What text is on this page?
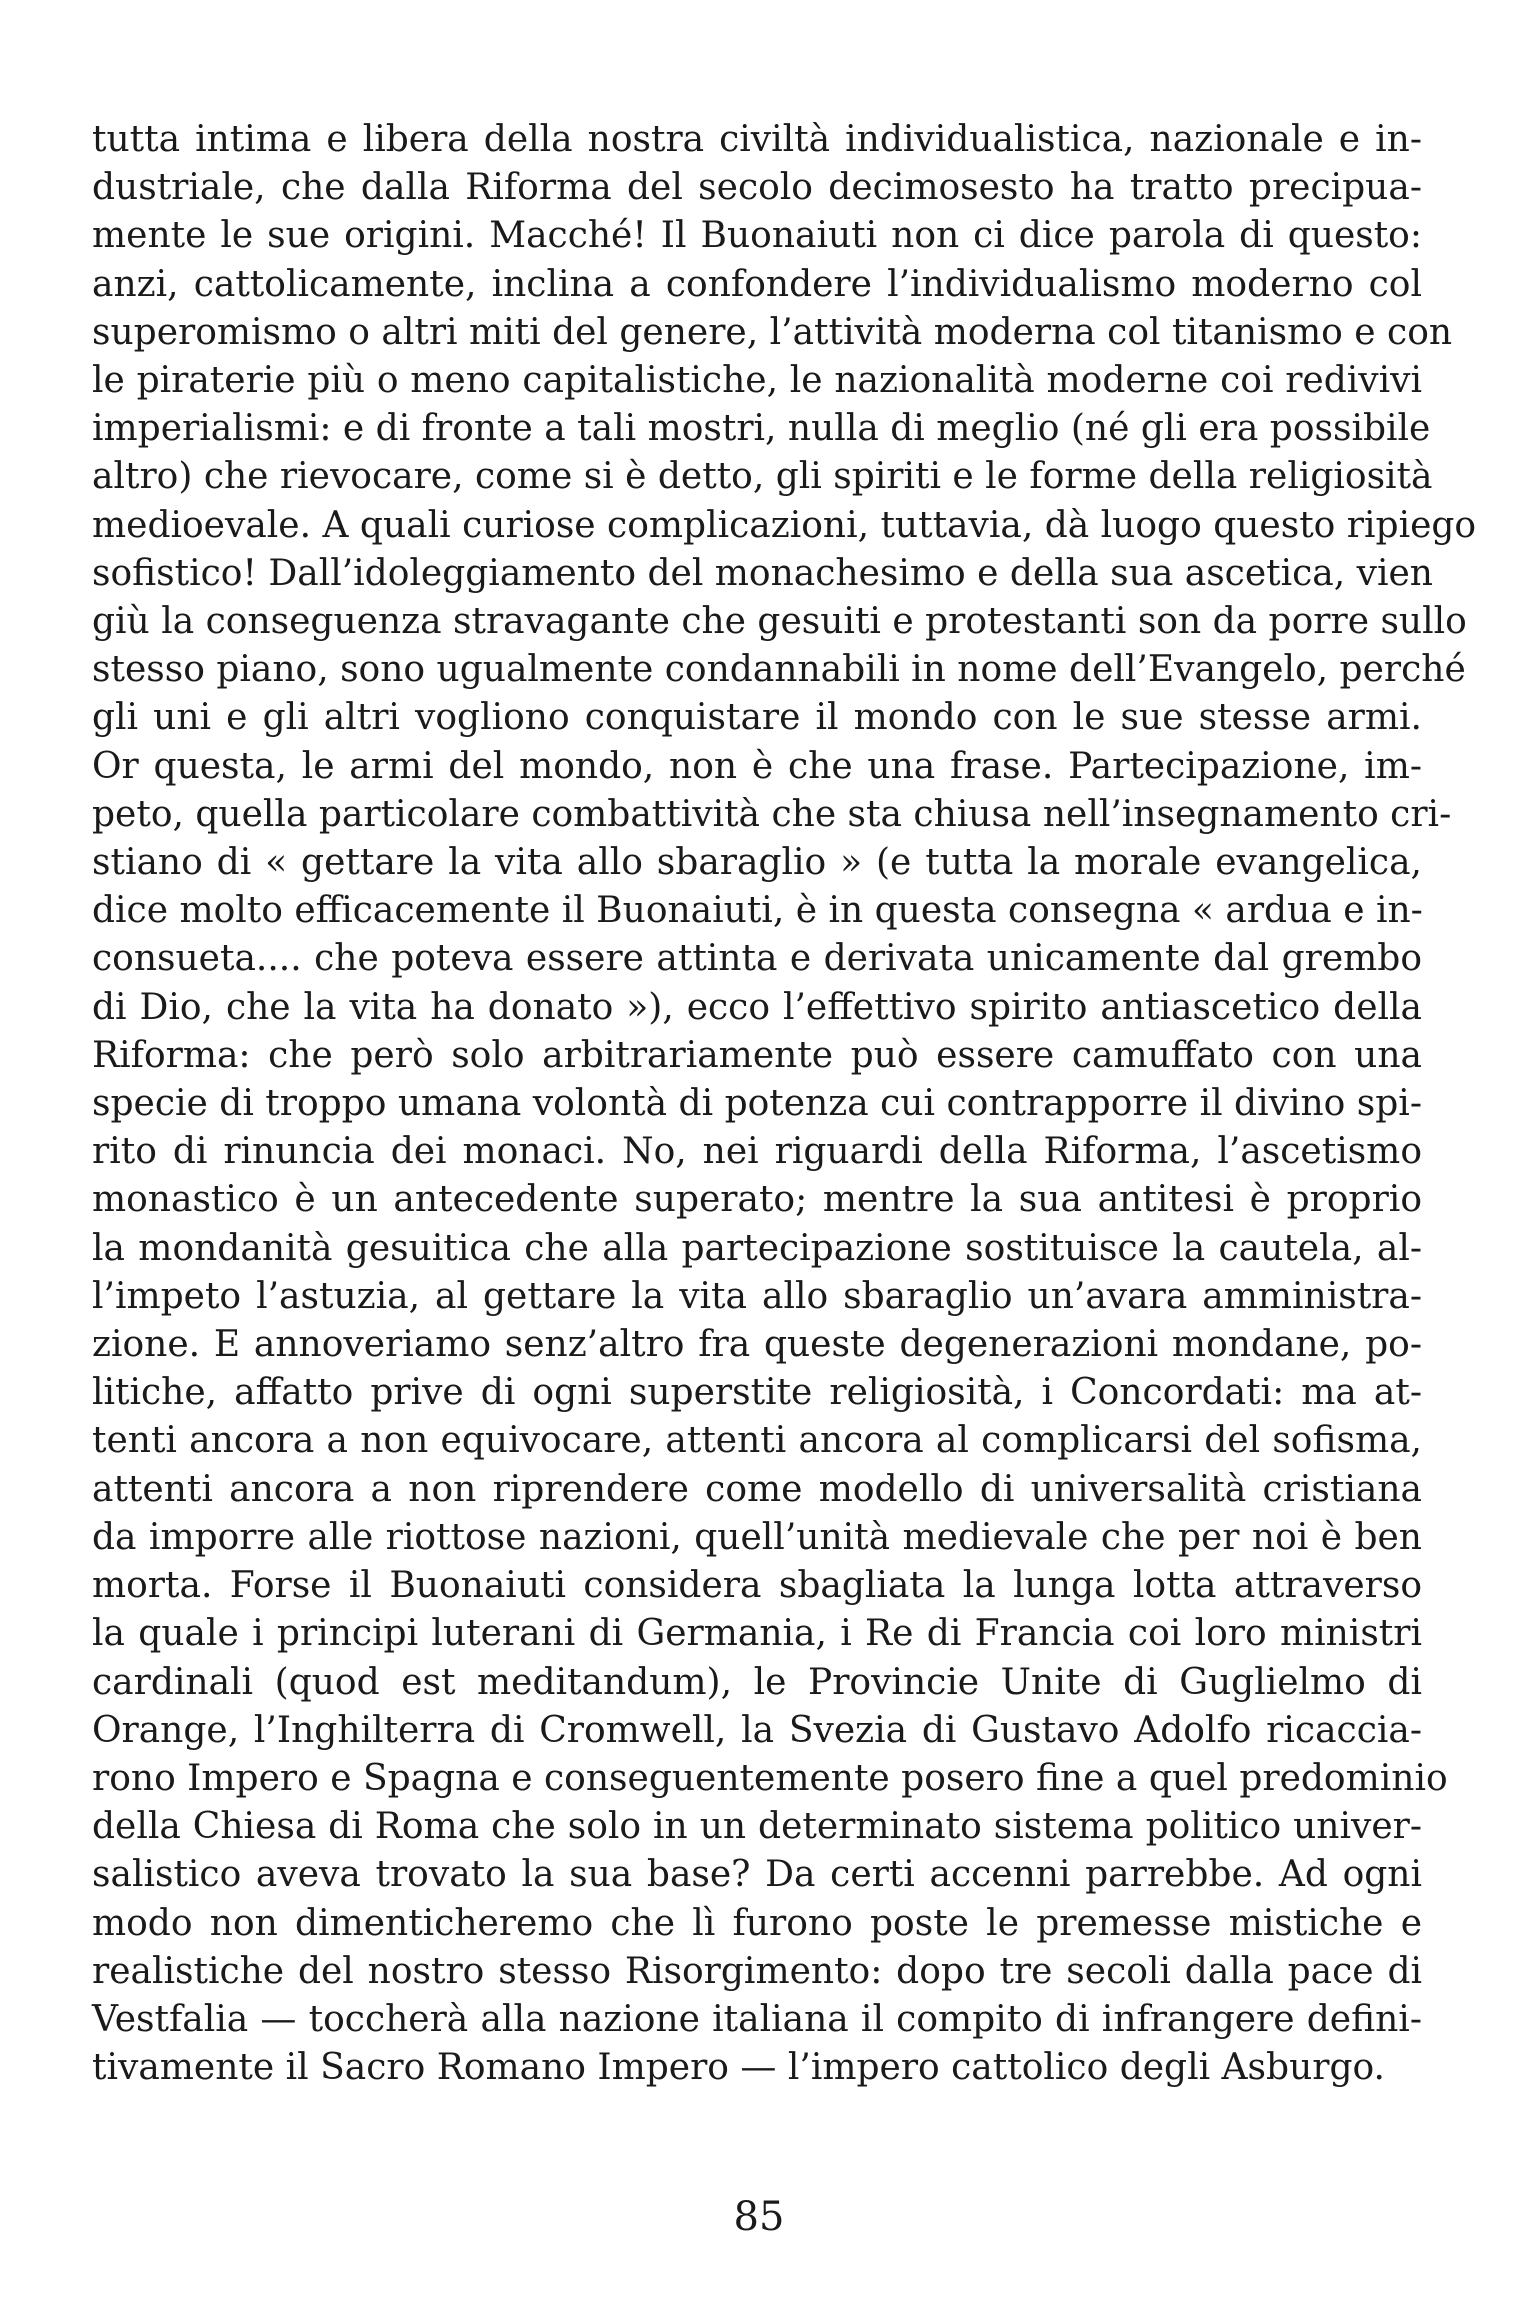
tutta intima e libera della nostra civiltà individualistica, nazionale e in-
dustriale, che dalla Riforma del secolo decimosesto ha tratto precipua-
mente le sue origini. Macché! Il Buonaiuti non ci dice parola di questo:
anzi, cattolicamente, inclina a confondere l’individualismo moderno col
superomismo o altri miti del genere, l’attività moderna col titanismo e con
le piraterie più o meno capitalistiche, le nazionalità moderne coi redivivi
imperialismi: e di fronte a tali mostri, nulla di meglio (né gli era possibile
altro) che rievocare, come si è detto, gli spiriti e le forme della religiosità
medioevale. A quali curiose complicazioni, tuttavia, dà luogo questo ripiego
sofistico! Dall’idoleggiamento del monachesimo e della sua ascetica, vien
giù la conseguenza stravagante che gesuiti e protestanti son da porre sullo
stesso piano, sono ugualmente condannabili in nome dell’Evangelo, perché
gli uni e gli altri vogliono conquistare il mondo con le sue stesse armi.
Or questa, le armi del mondo, non è che una frase. Partecipazione, im-
peto, quella particolare combattività che sta chiusa nell’insegnamento cri-
stiano di « gettare la vita allo sbaraglio » (e tutta la morale evangelica,
dice molto efficacemente il Buonaiuti, è in questa consegna « ardua e in-
consueta.... che poteva essere attinta e derivata unicamente dal grembo
di Dio, che la vita ha donato »), ecco l’effettivo spirito antiascetico della
Riforma: che però solo arbitrariamente può essere camuffato con una
specie di troppo umana volontà di potenza cui contrapporre il divino spi-
rito di rinuncia dei monaci. No, nei riguardi della Riforma, l’ascetismo
monastico è un antecedente superato; mentre la sua antitesi è proprio
la mondanità gesuitica che alla partecipazione sostituisce la cautela, al-
l’impeto l’astuzia, al gettare la vita allo sbaraglio un’avara amministra-
zione. E annoveriamo senz’altro fra queste degenerazioni mondane, po-
litiche, affatto prive di ogni superstite religiosità, i Concordati: ma at-
tenti ancora a non equivocare, attenti ancora al complicarsi del sofisma,
attenti ancora a non riprendere come modello di universalità cristiana
da imporre alle riottose nazioni, quell’unità medievale che per noi è ben
morta. Forse il Buonaiuti considera sbagliata la lunga lotta attraverso
la quale i principi luterani di Germania, i Re di Francia coi loro ministri
cardinali (quod est meditandum), le Provincie Unite di Guglielmo di
Orange, l’Inghilterra di Cromwell, la Svezia di Gustavo Adolfo ricaccia-
rono Impero e Spagna e conseguentemente posero fine a quel predominio
della Chiesa di Roma che solo in un determinato sistema politico univer-
salistico aveva trovato la sua base? Da certi accenni parrebbe. Ad ogni
modo non dimenticheremo che lì furono poste le premesse mistiche e
realistiche del nostro stesso Risorgimento: dopo tre secoli dalla pace di
Vestfalia — toccherà alla nazione italiana il compito di infrangere defini-
tivamente il Sacro Romano Impero — l’impero cattolico degli Asburgo.
85
